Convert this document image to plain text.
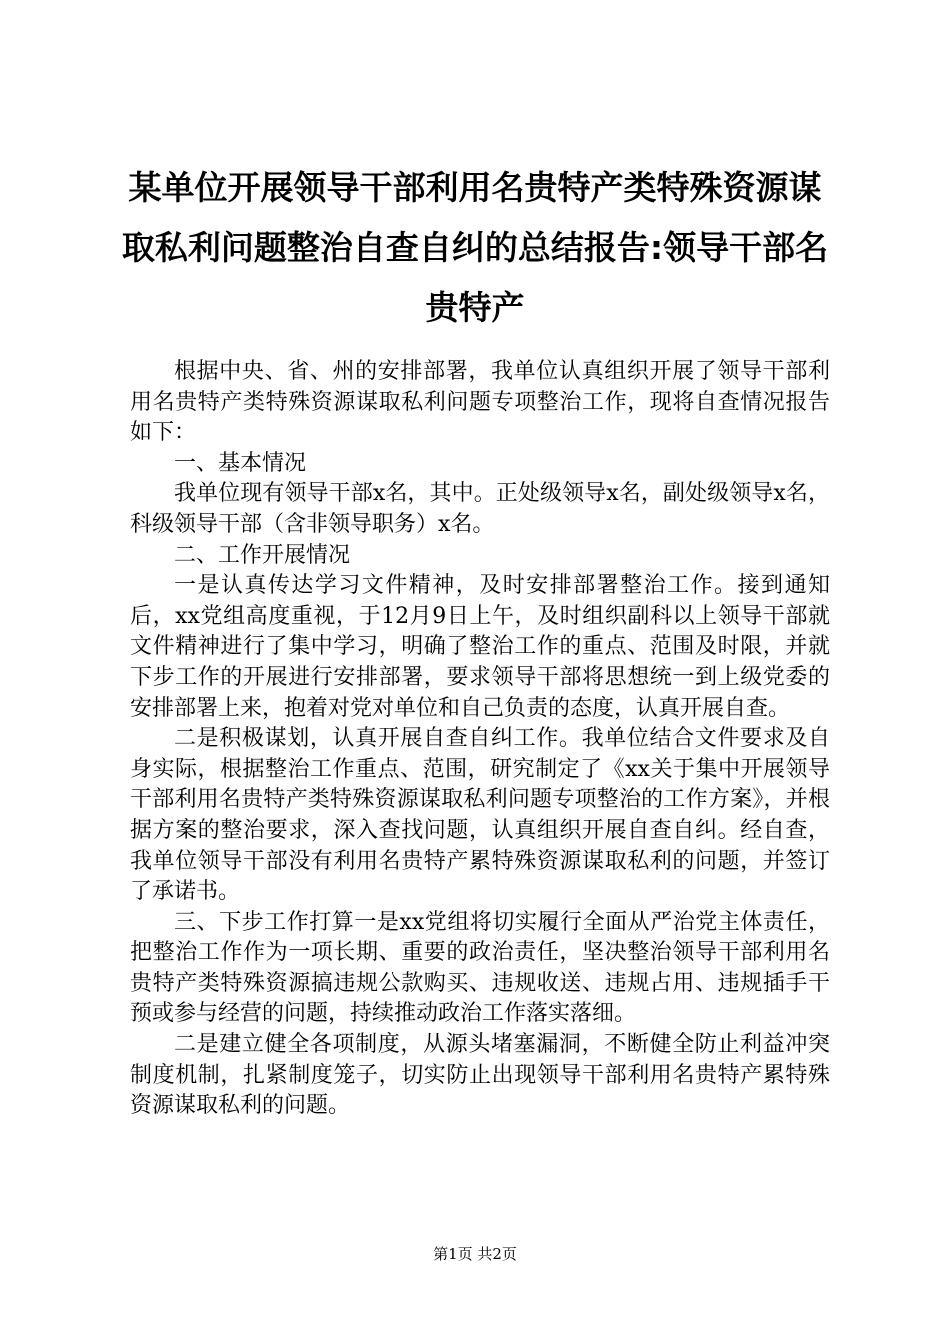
某单位开展领导干部利用名贵特产类特殊资源谋取私利问题整治自查自纠的总结报告:领导干部名贵特产

根据中央、省、州的安排部署，我单位认真组织开展了领导干部利用名贵特产类特殊资源谋取私利问题专项整治工作，现将自查情况报告如下：

一、基本情况

我单位现有领导干部x名，其中。正处级领导x名，副处级领导x名，科级领导干部（含非领导职务）x名。

二、工作开展情况

一是认真传达学习文件精神，及时安排部署整治工作。接到通知后，xx党组高度重视，于12月9日上午，及时组织副科以上领导干部就文件精神进行了集中学习，明确了整治工作的重点、范围及时限，并就下步工作的开展进行安排部署，要求领导干部将思想统一到上级党委的安排部署上来，抱着对党对单位和自己负责的态度，认真开展自查。

二是积极谋划，认真开展自查自纠工作。我单位结合文件要求及自身实际，根据整治工作重点、范围，研究制定了《xx关于集中开展领导干部利用名贵特产类特殊资源谋取私利问题专项整治的工作方案》，并根据方案的整治要求，深入查找问题，认真组织开展自查自纠。经自查，我单位领导干部没有利用名贵特产累特殊资源谋取私利的问题，并签订了承诺书。

三、下步工作打算一是xx党组将切实履行全面从严治党主体责任，把整治工作作为一项长期、重要的政治责任，坚决整治领导干部利用名贵特产类特殊资源搞违规公款购买、违规收送、违规占用、违规插手干预或参与经营的问题，持续推动政治工作落实落细。

二是建立健全各项制度，从源头堵塞漏洞，不断健全防止利益冲突制度机制，扎紧制度笼子，切实防止出现领导干部利用名贵特产累特殊资源谋取私利的问题。

第1页 共2页
